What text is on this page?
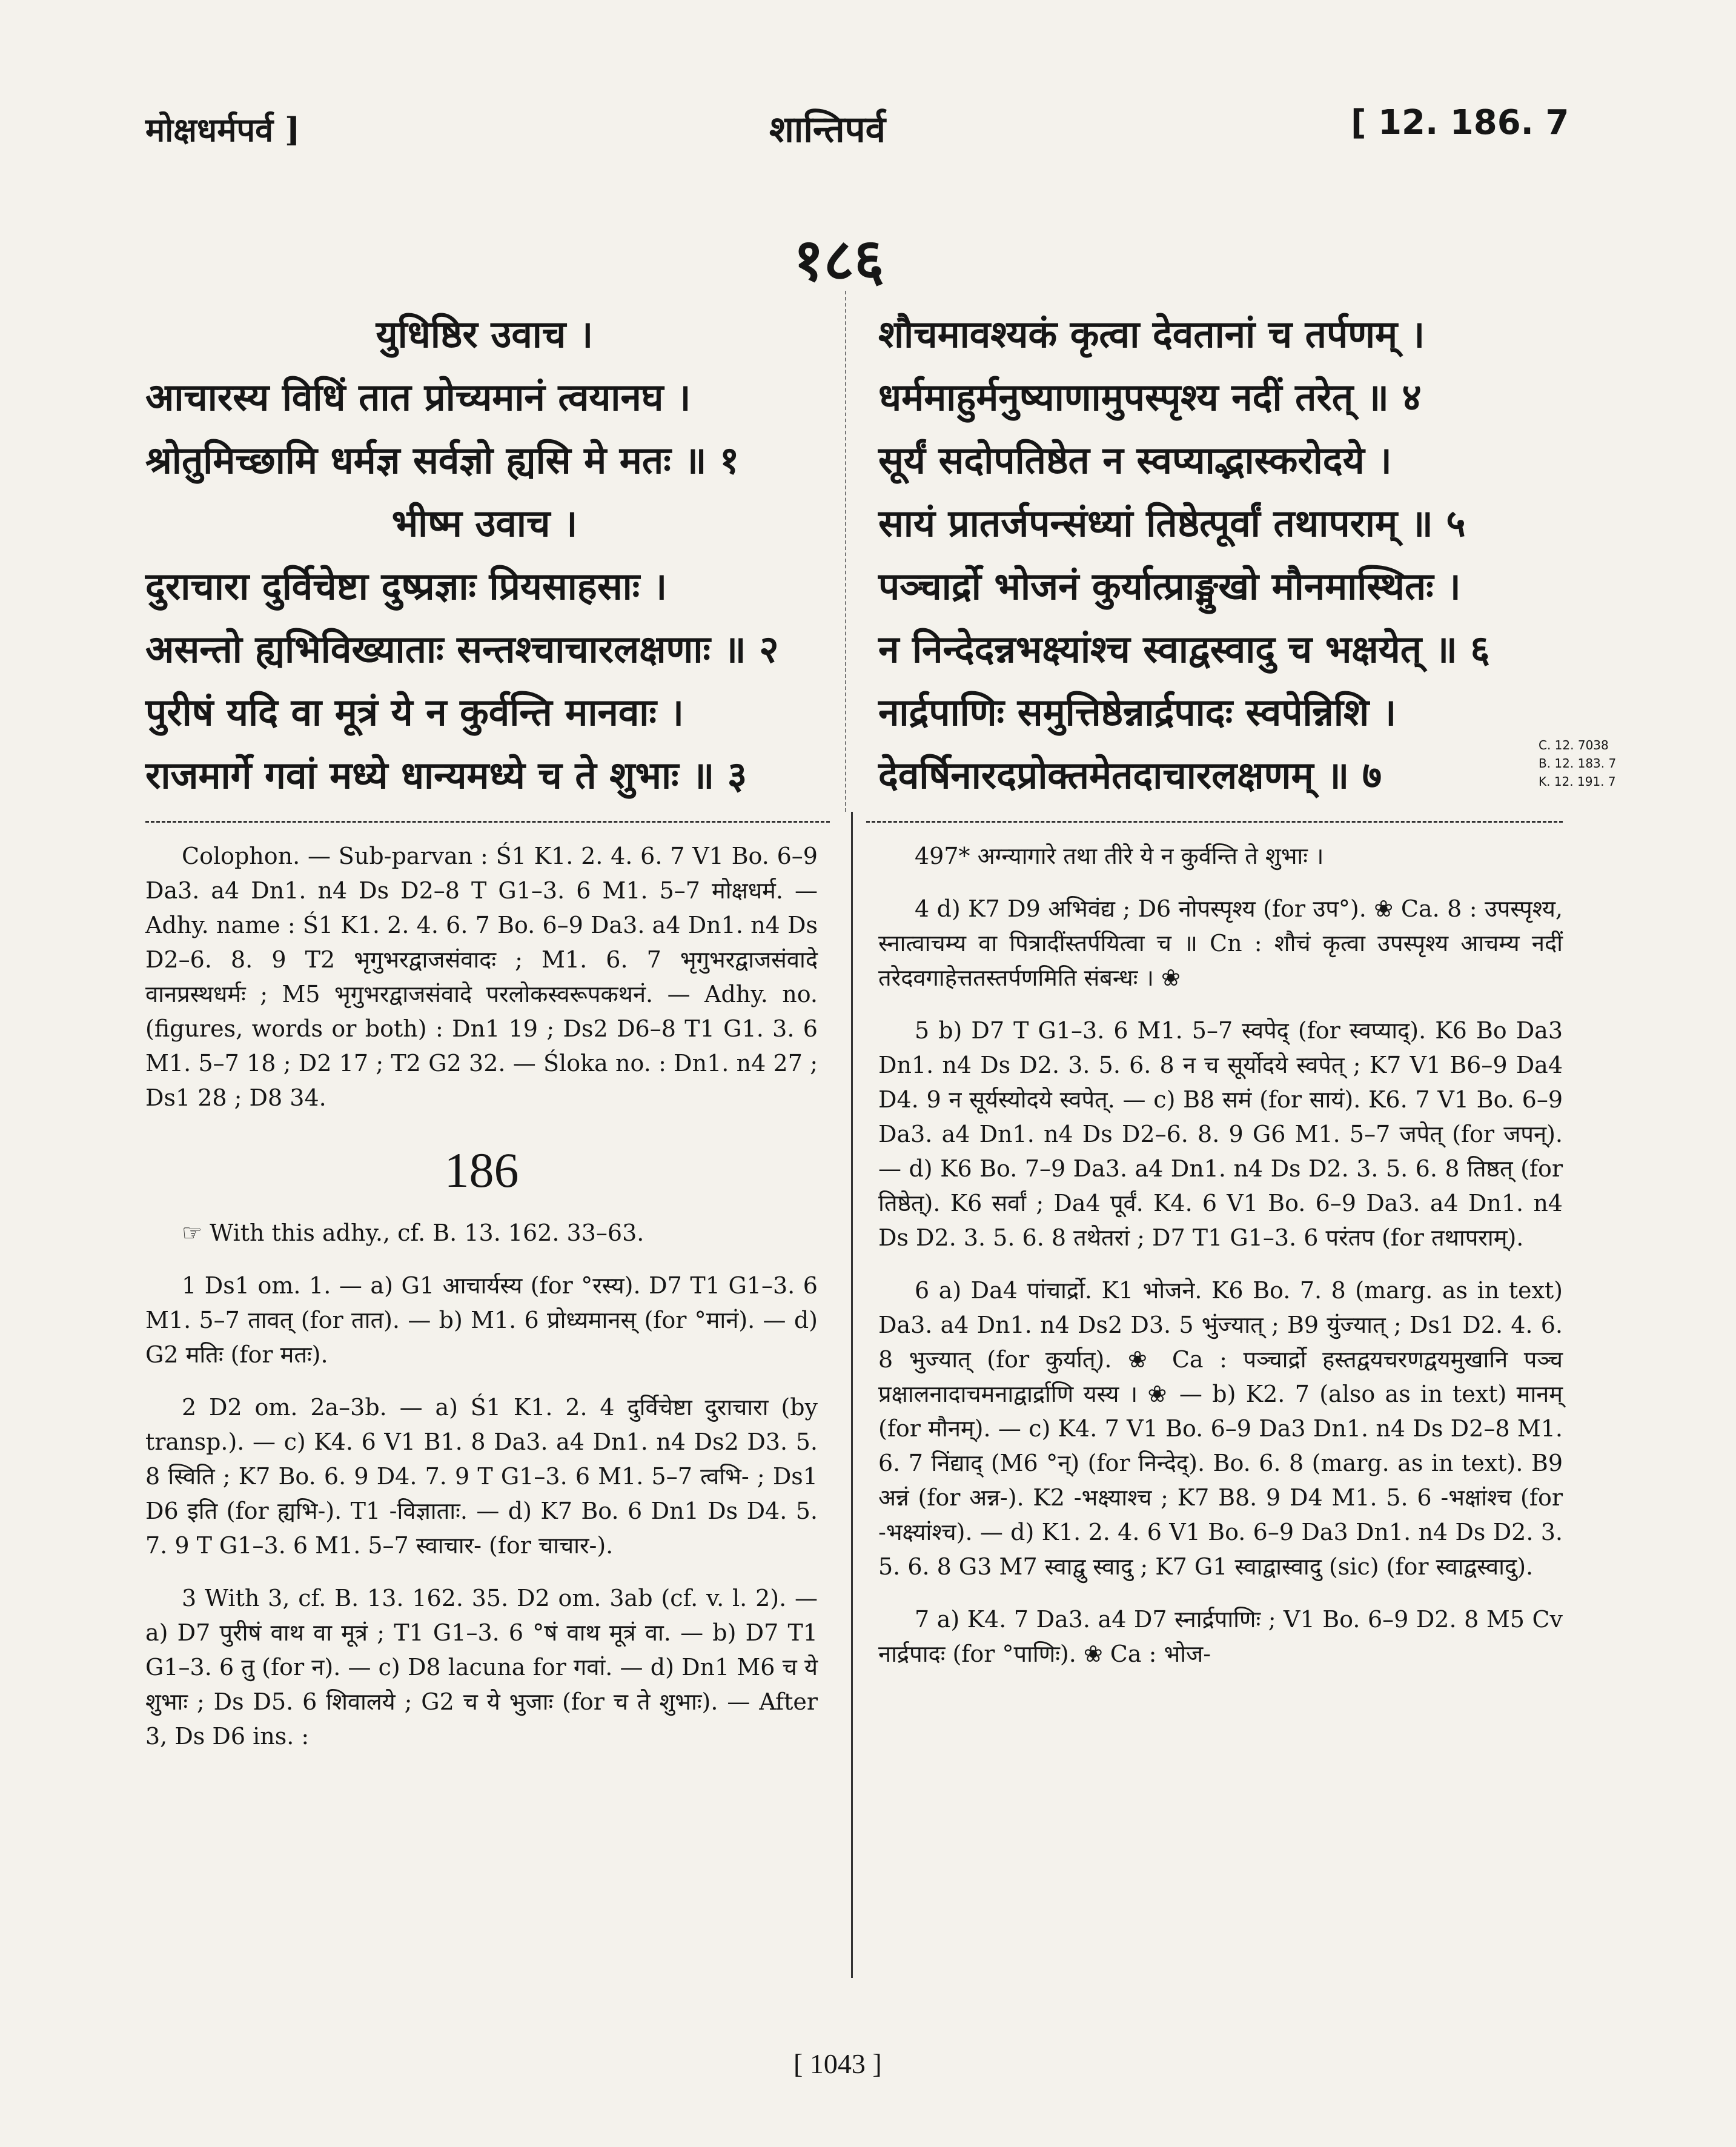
मोक्षधर्मपर्व ]	शान्तिपर्व	[ 12. 186. 7
१८६
युधिष्ठिर उवाच ।
आचारस्य विधिं तात प्रोच्यमानं त्वयानघ ।
श्रोतुमिच्छामि धर्मज्ञ सर्वज्ञो ह्यसि मे मतः ॥ १
भीष्म उवाच ।
दुराचारा दुर्विचेष्टा दुष्प्रज्ञाः प्रियसाहसाः ।
असन्तो ह्यभिविख्याताः सन्तश्चाचारलक्षणाः ॥ २
पुरीषं यदि वा मूत्रं ये न कुर्वन्ति मानवाः ।
राजमार्गे गवां मध्ये धान्यमध्ये च ते शुभाः ॥ ३
शौचमावश्यकं कृत्वा देवतानां च तर्पणम् ।
धर्ममाहुर्मनुष्याणामुपस्पृश्य नदीं तरेत् ॥ ४
सूर्यं सदोपतिष्ठेत न स्वप्याद्भास्करोदये ।
सायं प्रातर्जपन्संध्यां तिष्ठेत्पूर्वां तथापराम् ॥ ५
पञ्चार्द्रो भोजनं कुर्यात्प्राङ्मुखो मौनमास्थितः ।
न निन्देदन्नभक्ष्यांश्च स्वाद्वस्वादु च भक्षयेत् ॥ ६
नार्द्रपाणिः समुत्तिष्ठेन्नार्द्रपादः स्वपेन्निशि ।
देवर्षिनारदप्रोक्तमेतदाचारलक्षणम् ॥ ७
C. 12. 7038
B. 12. 183. 7
K. 12. 191. 7

Colophon. — Sub-parvan : Ś1 K1. 2. 4. 6. 7 V1 Bo. 6–9 Da3. a4 Dn1. n4 Ds D2–8 T G1–3. 6 M1. 5–7 मोक्षधर्म. — Adhy. name : Ś1 K1. 2. 4. 6. 7 Bo. 6–9 Da3. a4 Dn1. n4 Ds D2–6. 8. 9 T2 भृगुभरद्वाजसंवादः ; M1. 6. 7 भृगुभरद्वाजसंवादे वानप्रस्थधर्मः ; M5 भृगुभरद्वाजसंवादे परलोकस्वरूपकथनं. — Adhy. no. (figures, words or both) : Dn1 19 ; Ds2 D6–8 T1 G1. 3. 6 M1. 5–7 18 ; D2 17 ; T2 G2 32. — Śloka no. : Dn1. n4 27 ; Ds1 28 ; D8 34.

186

☞ With this adhy., cf. B. 13. 162. 33–63.

1 Ds1 om. 1. — a) G1 आचार्यस्य (for °रस्य). D7 T1 G1–3. 6 M1. 5–7 तावत् (for तात). — b) M1. 6 प्रोध्यमानस् (for °मानं). — d) G2 मतिः (for मतः).

2 D2 om. 2a–3b. — a) Ś1 K1. 2. 4 दुर्विचेष्टा दुराचारा (by transp.). — c) K4. 6 V1 B1. 8 Da3. a4 Dn1. n4 Ds2 D3. 5. 8 स्विति ; K7 Bo. 6. 9 D4. 7. 9 T G1–3. 6 M1. 5–7 त्वभि- ; Ds1 D6 इति (for ह्यभि-). T1 -विज्ञाताः. — d) K7 Bo. 6 Dn1 Ds D4. 5. 7. 9 T G1–3. 6 M1. 5–7 स्वाचार- (for चाचार-).

3 With 3, cf. B. 13. 162. 35. D2 om. 3ab (cf. v. l. 2). — a) D7 पुरीषं वाथ वा मूत्रं ; T1 G1–3. 6 °षं वाथ मूत्रं वा. — b) D7 T1 G1–3. 6 तु (for न). — c) D8 lacuna for गवां. — d) Dn1 M6 च ये शुभाः ; Ds D5. 6 शिवालये ; G2 च ये भुजाः (for च ते शुभाः). — After 3, Ds D6 ins. :

497* अग्न्यागारे तथा तीरे ये न कुर्वन्ति ते शुभाः ।

4 d) K7 D9 अभिवंद्य ; D6 नोपस्पृश्य (for उप°). ❀ Ca. 8 : उपस्पृश्य, स्नात्वाचम्य वा पित्रादींस्तर्पयित्वा च ॥ Cn : शौचं कृत्वा उपस्पृश्य आचम्य नदीं तरेदवगाहेत्ततस्तर्पणमिति संबन्धः । ❀

5 b) D7 T G1–3. 6 M1. 5–7 स्वपेद् (for स्वप्याद्). K6 Bo Da3 Dn1. n4 Ds D2. 3. 5. 6. 8 न च सूर्योदये स्वपेत् ; K7 V1 B6–9 Da4 D4. 9 न सूर्यस्योदये स्वपेत्. — c) B8 समं (for सायं). K6. 7 V1 Bo. 6–9 Da3. a4 Dn1. n4 Ds D2–6. 8. 9 G6 M1. 5–7 जपेत् (for जपन्). — d) K6 Bo. 7–9 Da3. a4 Dn1. n4 Ds D2. 3. 5. 6. 8 तिष्ठत् (for तिष्ठेत्). K6 सर्वां ; Da4 पूर्वं. K4. 6 V1 Bo. 6–9 Da3. a4 Dn1. n4 Ds D2. 3. 5. 6. 8 तथेतरां ; D7 T1 G1–3. 6 परंतप (for तथापराम्).

6 a) Da4 पांचार्द्रो. K1 भोजने. K6 Bo. 7. 8 (marg. as in text) Da3. a4 Dn1. n4 Ds2 D3. 5 भुंज्यात् ; B9 युंज्यात् ; Ds1 D2. 4. 6. 8 भुज्यात् (for कुर्यात्). ❀ Ca : पञ्चार्द्रो हस्तद्वयचरणद्वयमुखानि पञ्च प्रक्षालनादाचमनाद्वार्द्राणि यस्य । ❀ — b) K2. 7 (also as in text) मानम् (for मौनम्). — c) K4. 7 V1 Bo. 6–9 Da3 Dn1. n4 Ds D2–8 M1. 6. 7 निंद्याद् (M6 °न्) (for निन्देद्). Bo. 6. 8 (marg. as in text). B9 अन्नं (for अन्न-). K2 -भक्ष्याश्च ; K7 B8. 9 D4 M1. 5. 6 -भक्षांश्च (for -भक्ष्यांश्च). — d) K1. 2. 4. 6 V1 Bo. 6–9 Da3 Dn1. n4 Ds D2. 3. 5. 6. 8 G3 M7 स्वाद्वु स्वादु ; K7 G1 स्वाद्वास्वादु (sic) (for स्वाद्वस्वादु).

7 a) K4. 7 Da3. a4 D7 स्नार्द्रपाणिः ; V1 Bo. 6–9 D2. 8 M5 Cv नार्द्रपादः (for °पाणिः). ❀ Ca : भोज-

[ 1043 ]
